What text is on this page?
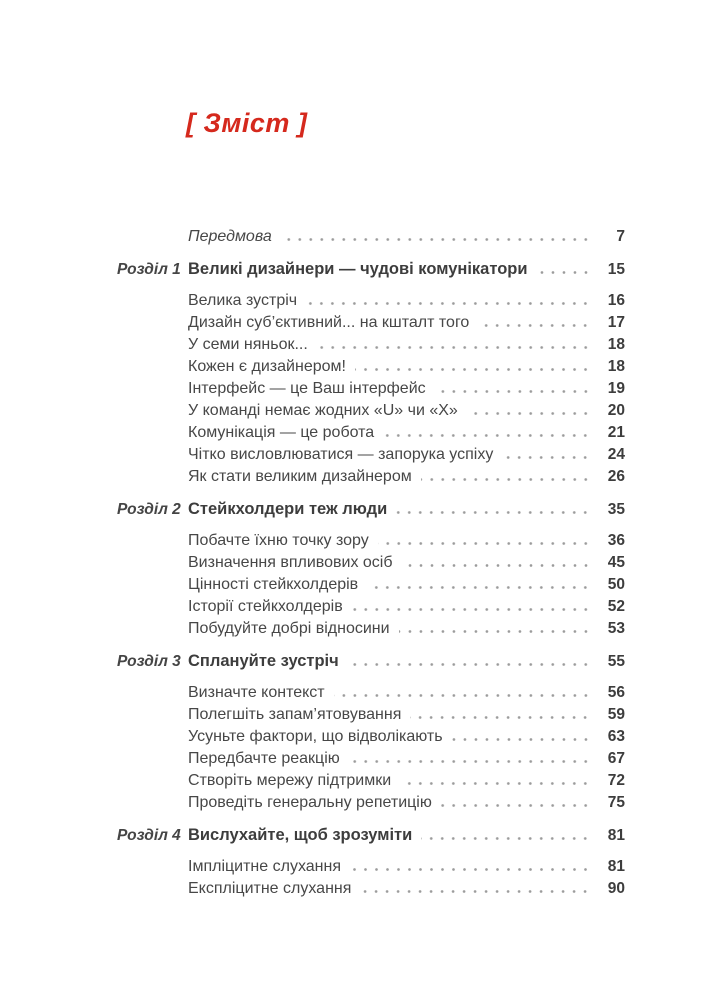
[ Зміст ]
Передмова	7
Розділ 1 Великі дизайнери — чудові комунікатори	15
Велика зустріч	16
Дизайн суб’єктивний... на кшталт того	17
У семи няньок...	18
Кожен є дизайнером!	18
Інтерфейс — це Ваш інтерфейс	19
У команді немає жодних «U» чи «X»	20
Комунікація — це робота	21
Чітко висловлюватися — запорука успіху	24
Як стати великим дизайнером	26
Розділ 2 Стейкхолдери теж люди	35
Побачте їхню точку зору	36
Визначення впливових осіб	45
Цінності стейкхолдерів	50
Історії стейкхолдерів	52
Побудуйте добрі відносини	53
Розділ 3 Сплануйте зустріч	55
Визначте контекст	56
Полегшіть запам’ятовування	59
Усуньте фактори, що відволікають	63
Передбачте реакцію	67
Створіть мережу підтримки	72
Проведіть генеральну репетицію	75
Розділ 4 Вислухайте, щоб зрозуміти	81
Імпліцитне слухання	81
Експліцитне слухання	90
